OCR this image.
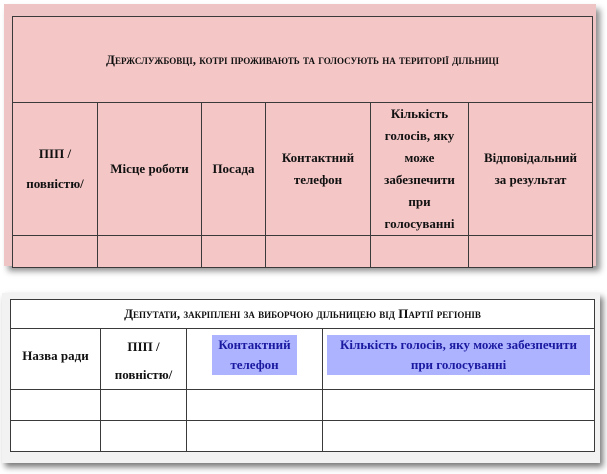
Держслужбовці, котрі проживають та голосують на території дільниці					
ПІП /повністю/	Місце роботи	Посада	Контактний телефон	Кількість голосів, яку може забезпечити при голосуванні	Відповідальний за результат

Депутати, закріплені за виборчою дільницею від Партії регіонів			

Назва ради	ПІП /повністю/	Контактний телефон	Кількість голосів, яку може забезпечити при голосуванні
